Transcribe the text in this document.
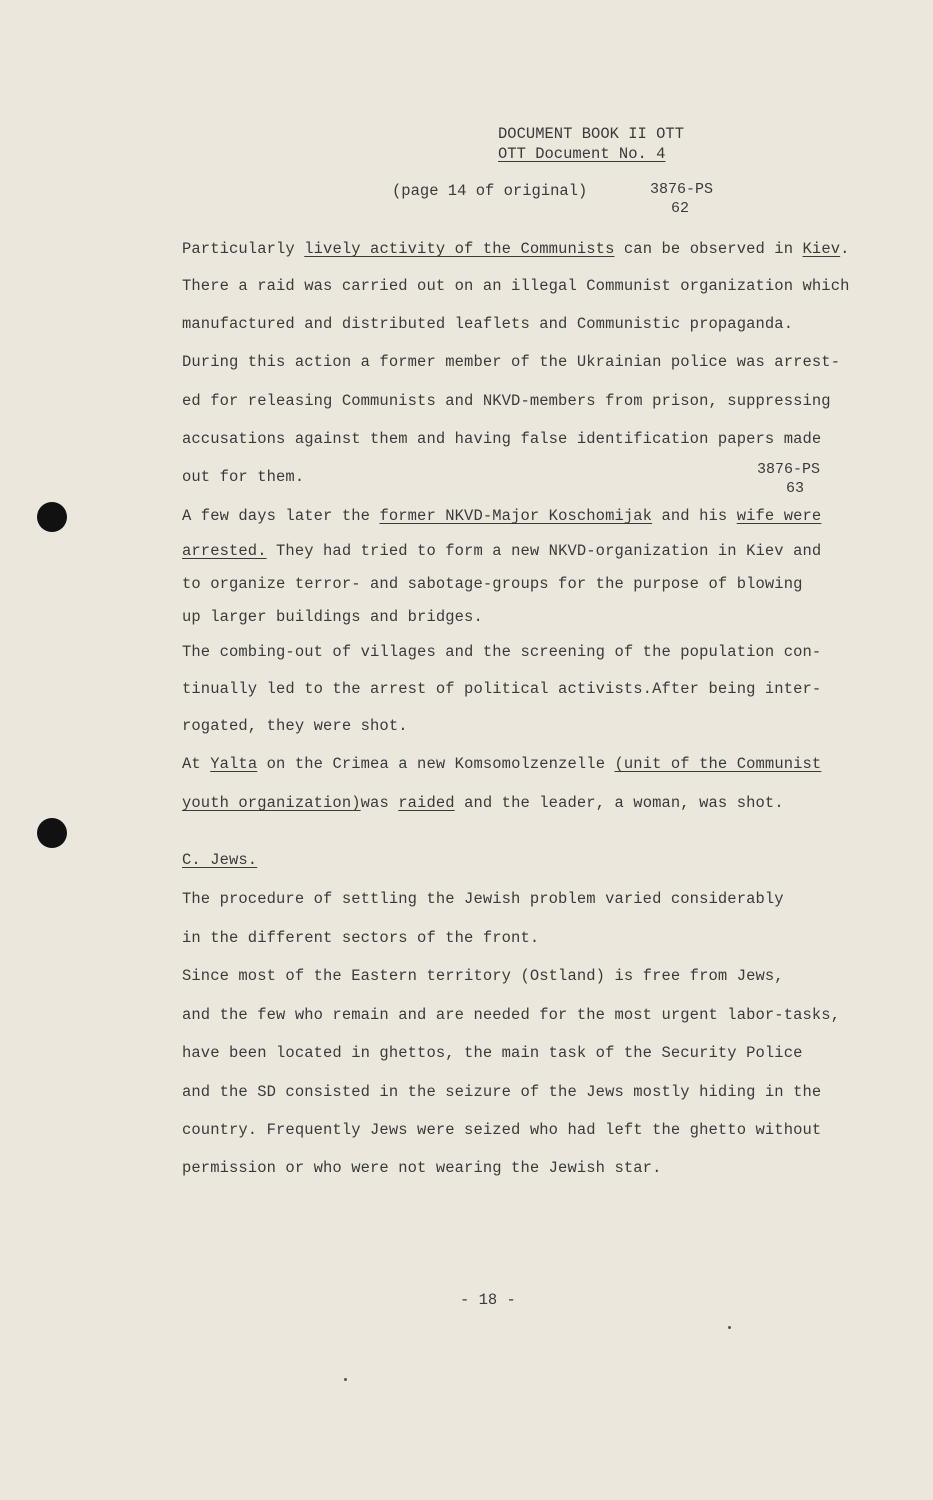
DOCUMENT BOOK II OTT
OTT Document No. 4
(page 14 of original)	3876-PS
62
Particularly lively activity of the Communists can be observed in Kiev.
There a raid was carried out on an illegal Communist organization which
manufactured and distributed leaflets and Communistic propaganda.
During this action a former member of the Ukrainian police was arrest-
ed for releasing Communists and NKVD-members from prison, suppressing
accusations against them and having false identification papers made
out for them.	3876-PS
63
A few days later the former NKVD-Major Koschomijak and his wife were
arrested. They had tried to form a new NKVD-organization in Kiev and
to organize terror- and sabotage-groups for the purpose of blowing
up larger buildings and bridges.
The combing-out of villages and the screening of the population con-
tinually led to the arrest of political activists.After being inter-
rogated, they were shot.
At Yalta on the Crimea a new Komsomolzenzelle (unit of the Communist
youth organization)was raided and the leader, a woman, was shot.
C. Jews.
The procedure of settling the Jewish problem varied considerably
in the different sectors of the front.
Since most of the Eastern territory (Ostland) is free from Jews,
and the few who remain and are needed for the most urgent labor-tasks,
have been located in ghettos, the main task of the Security Police
and the SD consisted in the seizure of the Jews mostly hiding in the
country. Frequently Jews were seized who had left the ghetto without
permission or who were not wearing the Jewish star.
- 18 -
